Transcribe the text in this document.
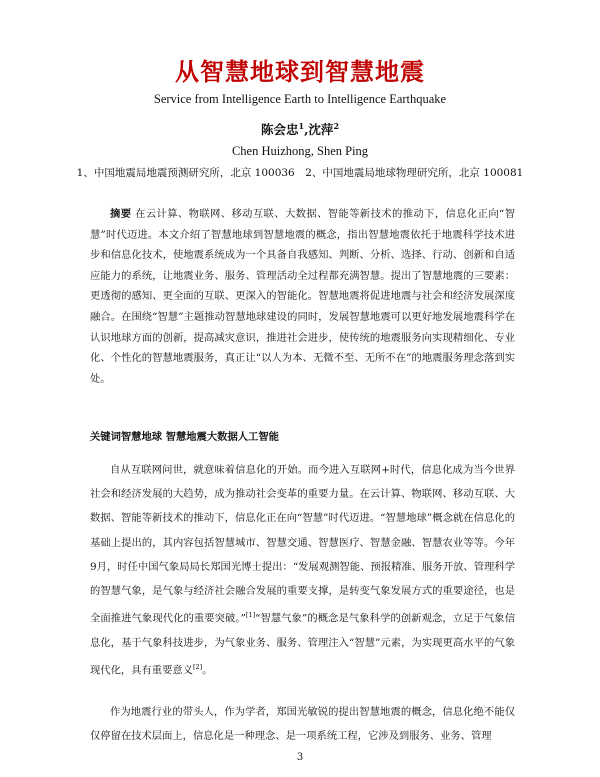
从智慧地球到智慧地震
Service from Intelligence Earth to Intelligence Earthquake
陈会忠$^1$,沈萍$^2$
Chen Huizhong, Shen Ping
1、中国地震局地震预测研究所，北京 100036　2、中国地震局地球物理研究所，北京 100081
摘要 在云计算、物联网、移动互联、大数据、智能等新技术的推动下，信息化正向“智慧”时代迈进。本文介绍了智慧地球到智慧地震的概念，指出智慧地震依托于地震科学技术进步和信息化技术，使地震系统成为一个具备自我感知、判断、分析、选择、行动、创新和自适应能力的系统，让地震业务、服务、管理活动全过程都充满智慧。提出了智慧地震的三要素：更透彻的感知、更全面的互联、更深入的智能化。智慧地震将促进地震与社会和经济发展深度融合。在围绕“智慧”主题推动智慧地球建设的同时，发展智慧地震可以更好地发展地震科学在认识地球方面的创新，提高减灾意识，推进社会进步，使传统的地震服务向实现精细化、专业化、个性化的智慧地震服务，真正让“以人为本、无微不至、无所不在”的地震服务理念落到实处。
关键词智慧地球 智慧地震大数据人工智能
自从互联网问世，就意味着信息化的开始。而今进入互联网+时代，信息化成为当今世界社会和经济发展的大趋势，成为推动社会变革的重要力量。在云计算、物联网、移动互联、大数据、智能等新技术的推动下，信息化正在向“智慧”时代迈进。“智慧地球”概念就在信息化的基础上提出的，其内容包括智慧城市、智慧交通、智慧医疗、智慧金融、智慧农业等等。今年9月，时任中国气象局局长郑国光博士提出：“发展观测智能、预报精准、服务开放、管理科学的智慧气象，是气象与经济社会融合发展的重要支撑，是转变气象发展方式的重要途径，也是全面推进气象现代化的重要突破。”[1]“智慧气象”的概念是气象科学的创新观念，立足于气象信息化，基于气象科技进步，为气象业务、服务、管理注入“智慧”元素，为实现更高水平的气象现代化，具有重要意义[2]。
作为地震行业的带头人，作为学者，郑国光敏锐的提出智慧地震的概念，信息化绝不能仅仅停留在技术层面上，信息化是一种理念、是一项系统工程，它涉及到服务、业务、管理
3
